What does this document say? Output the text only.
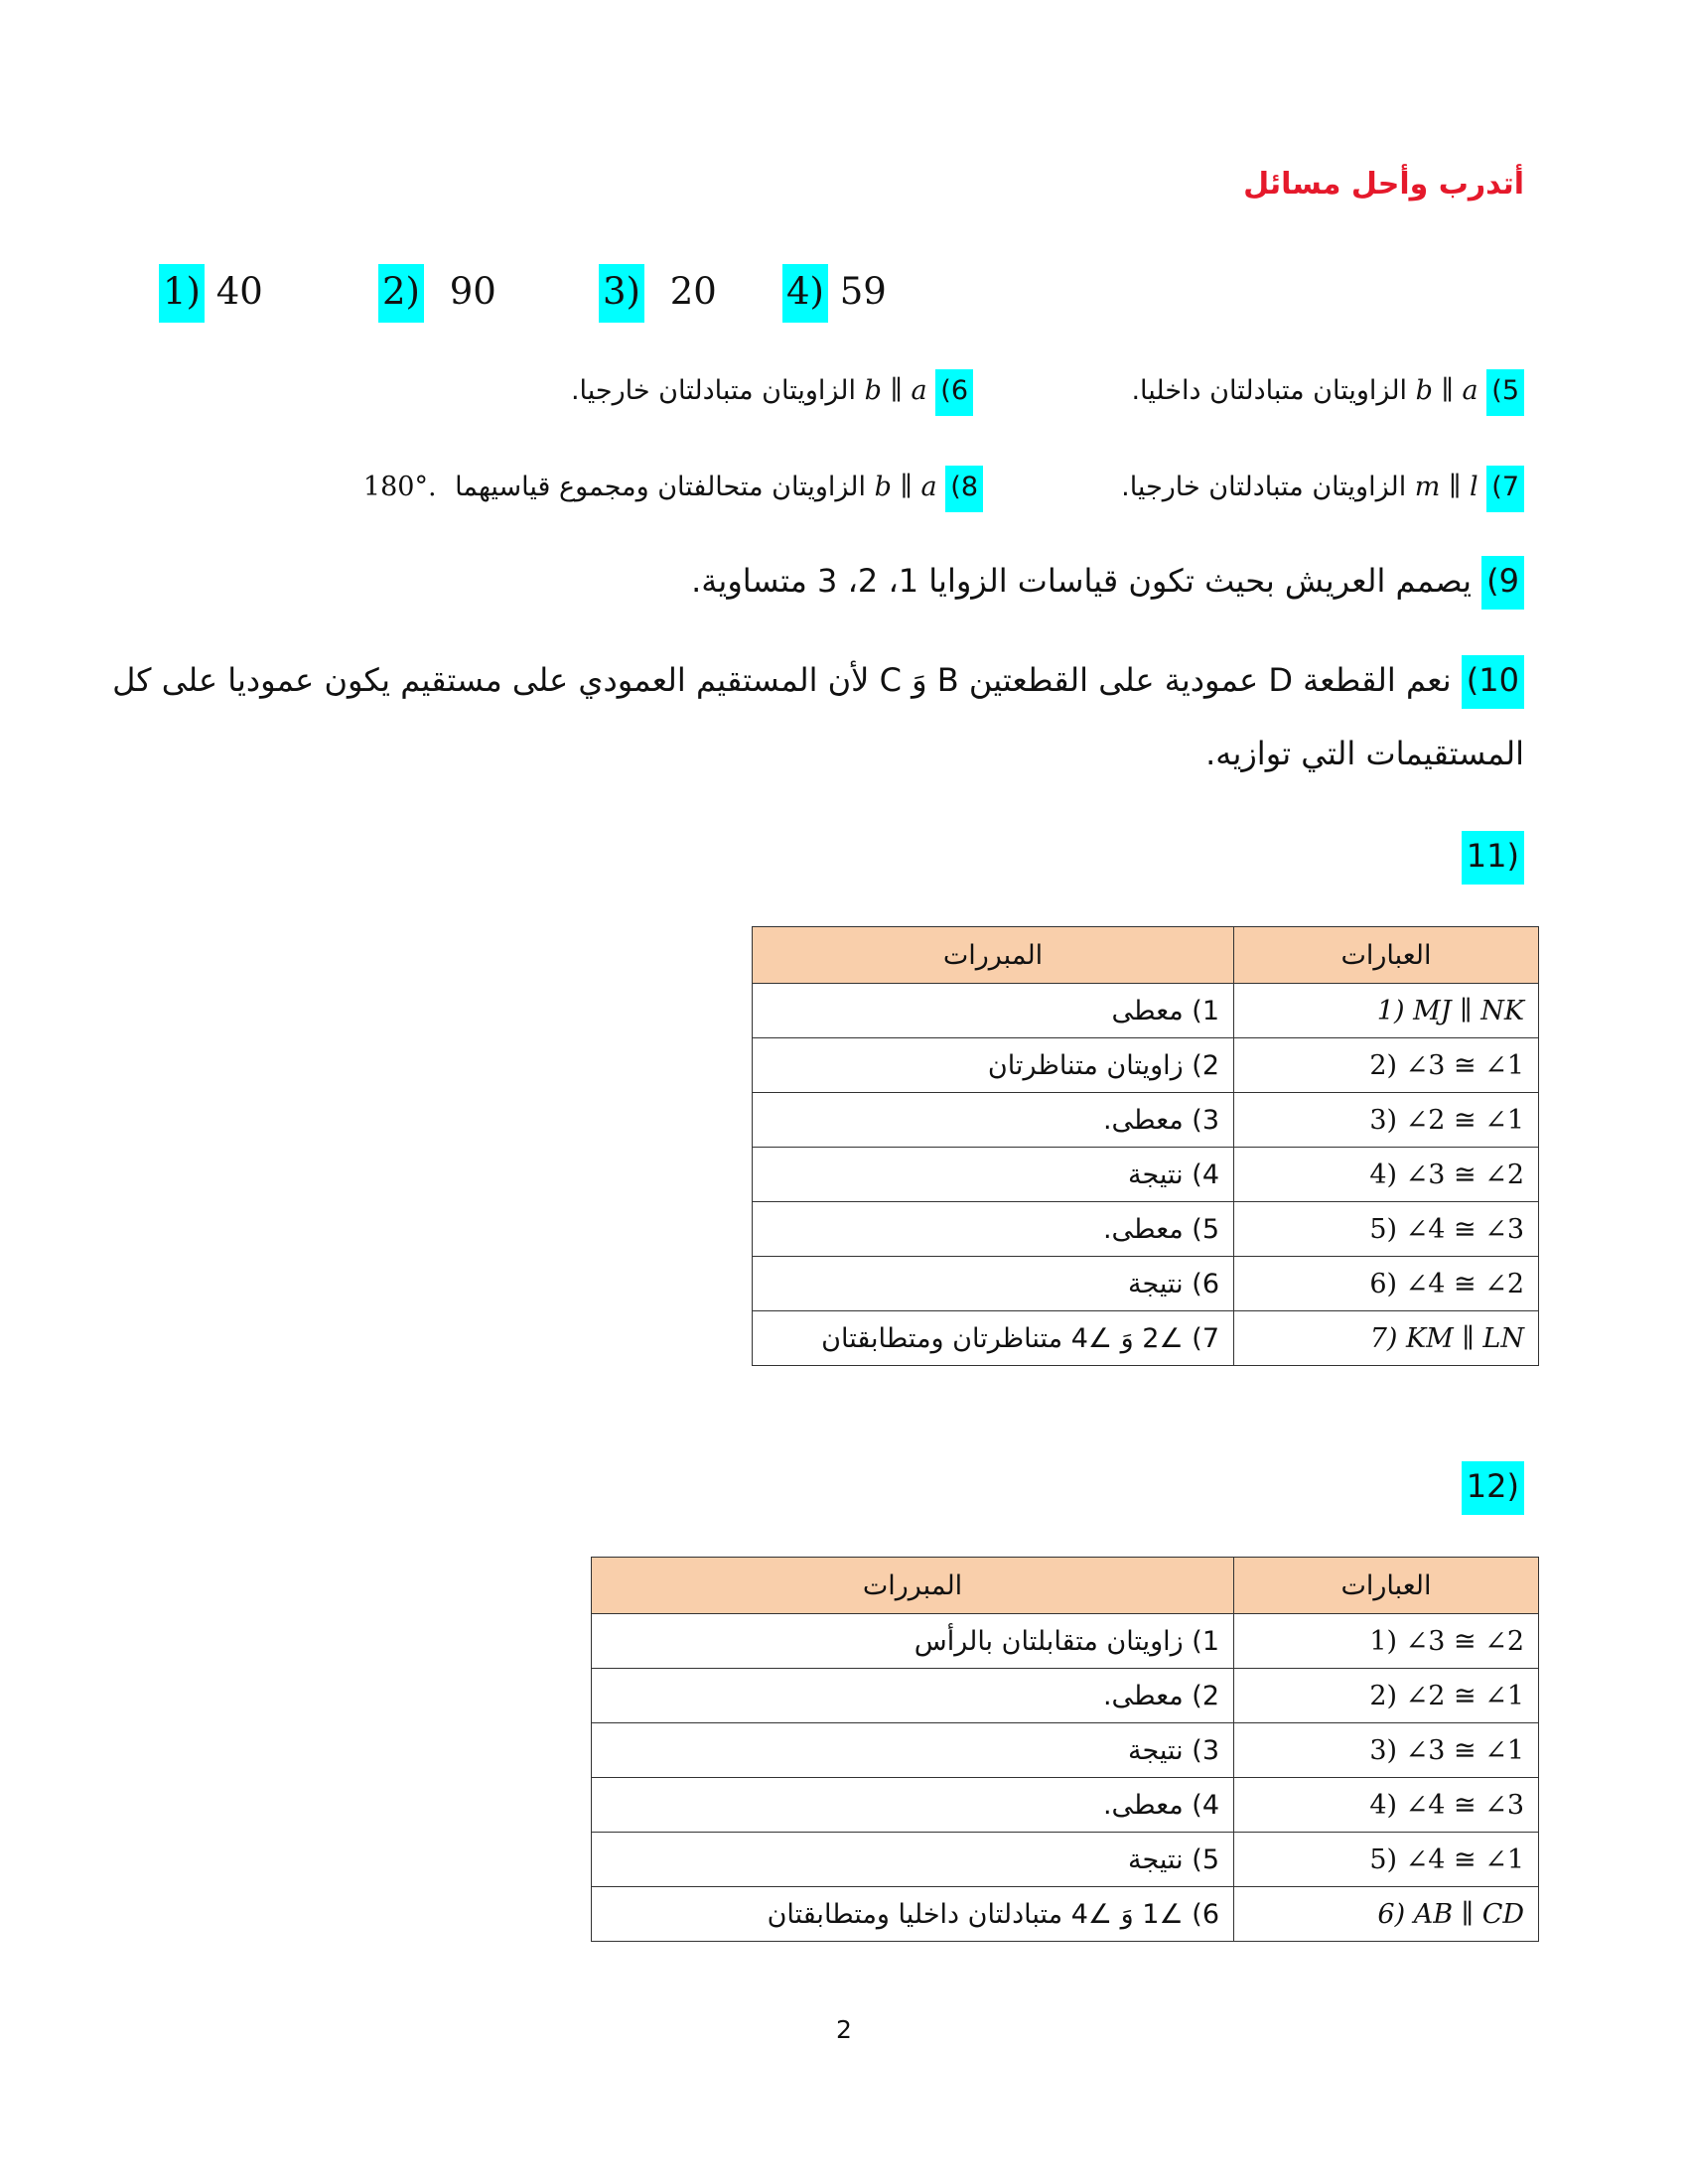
أتدرب وأحل مسائل
1) 40	2) 90	3) 20 4) 59
5) b ∥ a الزاويتان متبادلتان داخليا.
6) b ∥ a الزاويتان متبادلتان خارجيا.
7) m ∥ l الزاويتان متبادلتان خارجيا.
8) b ∥ a الزاويتان متحالفتان ومجموع قياسيهما 180°.
9) يصمم العريش بحيث تكون قياسات الزوايا 1، 2، 3 متساوية.
10) نعم القطعة D عمودية على القطعتين B وَ C لأن المستقيم العمودي على مستقيم يكون عموديا على كل
المستقيمات التي توازيه.
(11
العبارات	المبررات
1) MJ ∥ NK	1) معطى
2) ∠3 ≅ ∠1	2) زاويتان متناظرتان
3) ∠2 ≅ ∠1	3) معطى.
4) ∠3 ≅ ∠2	4) نتيجة
5) ∠4 ≅ ∠3	5) معطى.
6) ∠4 ≅ ∠2	6) نتيجة
7) KM ∥ LN	7) ∠2 وَ ∠4 متناظرتان ومتطابقتان
(12
العبارات	المبررات
1) ∠3 ≅ ∠2	1) زاويتان متقابلتان بالرأس
2) ∠2 ≅ ∠1	2) معطى.
3) ∠3 ≅ ∠1	3) نتيجة
4) ∠4 ≅ ∠3	4) معطى.
5) ∠4 ≅ ∠1	5) نتيجة
6) AB ∥ CD	6) ∠1 وَ ∠4 متبادلتان داخليا ومتطابقتان
2
